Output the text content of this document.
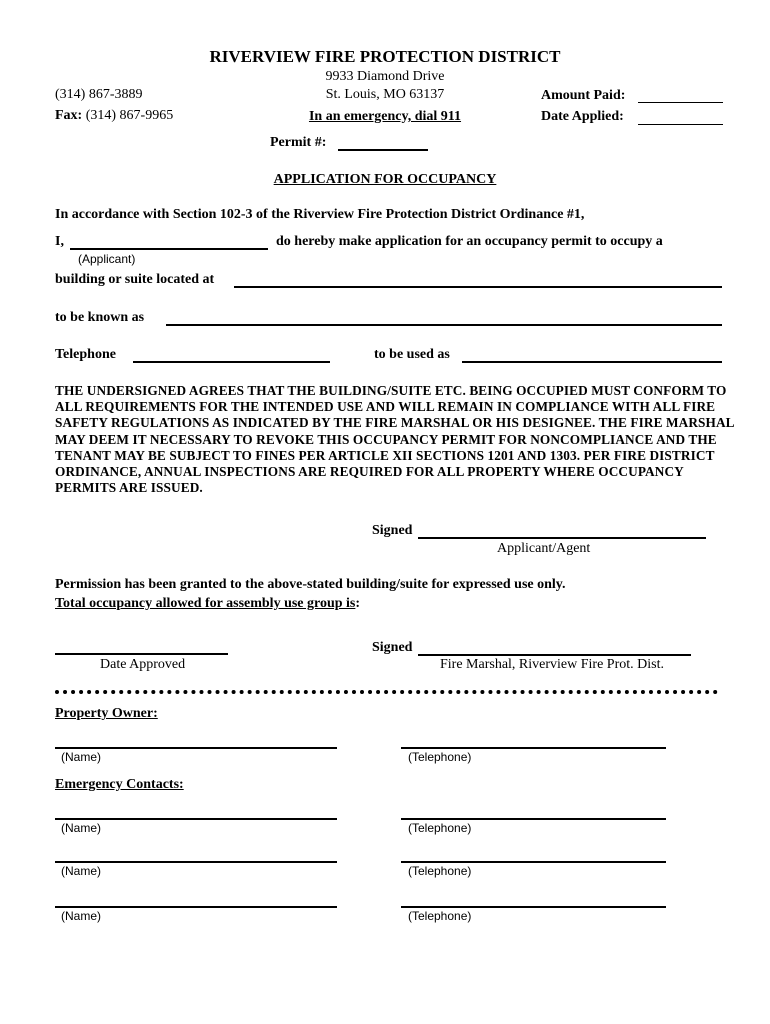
RIVERVIEW FIRE PROTECTION DISTRICT
9933 Diamond Drive
St. Louis, MO 63137
In an emergency, dial 911
(314) 867-3889
Fax: (314) 867-9965
Amount Paid:
Date Applied:
Permit #:
APPLICATION FOR OCCUPANCY
In accordance with Section 102-3 of the Riverview Fire Protection District Ordinance #1,
I,	do hereby make application for an occupancy permit to occupy a
(Applicant)
building or suite located at
to be known as
Telephone	to be used as
THE UNDERSIGNED AGREES THAT THE BUILDING/SUITE ETC. BEING OCCUPIED MUST CONFORM TO ALL REQUIREMENTS FOR THE INTENDED USE AND WILL REMAIN IN COMPLIANCE WITH ALL FIRE SAFETY REGULATIONS AS INDICATED BY THE FIRE MARSHAL OR HIS DESIGNEE. THE FIRE MARSHAL MAY DEEM IT NECESSARY TO REVOKE THIS OCCUPANCY PERMIT FOR NONCOMPLIANCE AND THE TENANT MAY BE SUBJECT TO FINES PER ARTICLE XII SECTIONS 1201 AND 1303. PER FIRE DISTRICT ORDINANCE, ANNUAL INSPECTIONS ARE REQUIRED FOR ALL PROPERTY WHERE OCCUPANCY PERMITS ARE ISSUED.
Signed
Applicant/Agent
Permission has been granted to the above-stated building/suite for expressed use only.
Total occupancy allowed for assembly use group is:
Date Approved
Signed
Fire Marshal, Riverview Fire Prot. Dist.
Property Owner:
(Name)	(Telephone)
Emergency Contacts:
(Name)	(Telephone)
(Name)	(Telephone)
(Name)	(Telephone)
